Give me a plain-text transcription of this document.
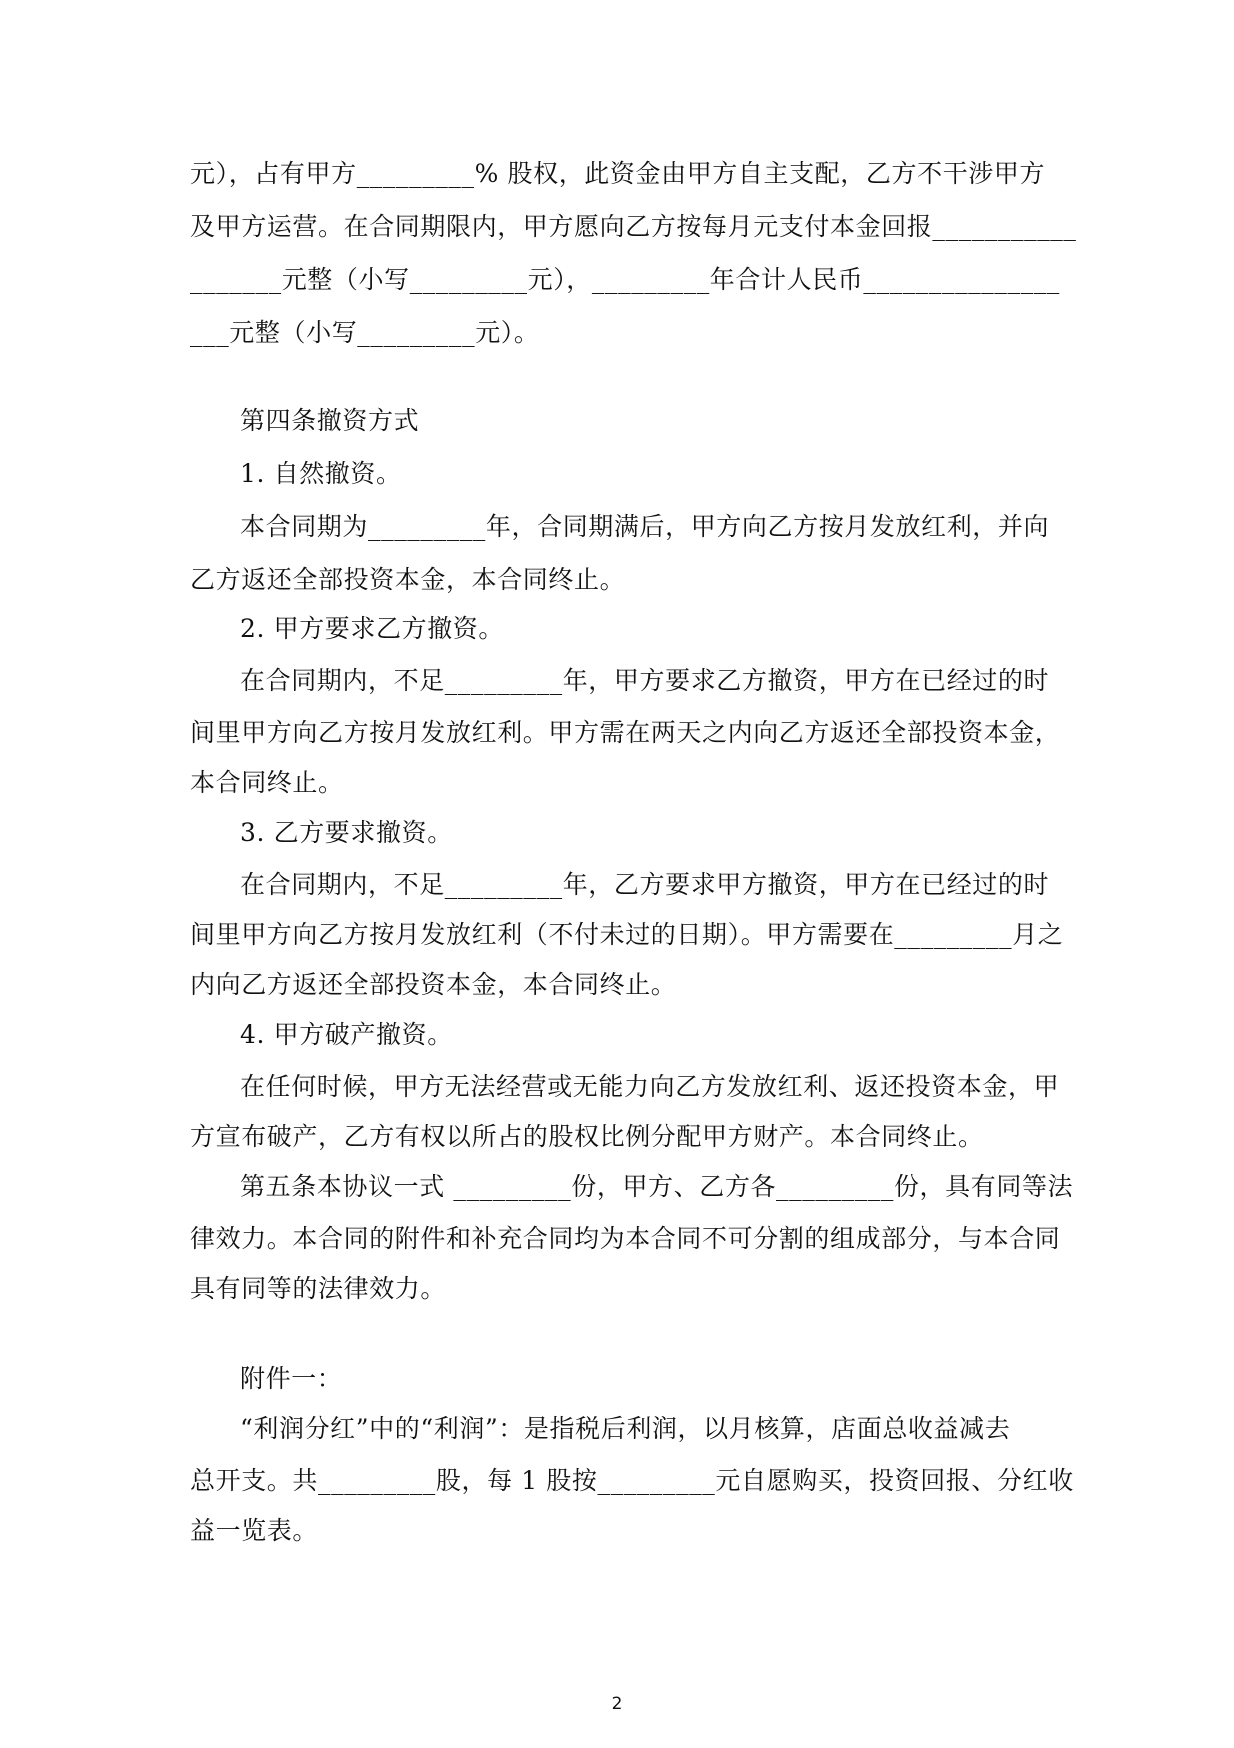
元），占有甲方_________% 股权，此资金由甲方自主支配，乙方不干涉甲方
及甲方运营。在合同期限内，甲方愿向乙方按每月元支付本金回报___________
_______元整（小写_________元），_________年合计人民币_______________
___元整（小写_________元）。
第四条撤资方式
1. 自然撤资。
本合同期为_________年，合同期满后，甲方向乙方按月发放红利，并向
乙方返还全部投资本金，本合同终止。
2. 甲方要求乙方撤资。
在合同期内，不足_________年，甲方要求乙方撤资，甲方在已经过的时
间里甲方向乙方按月发放红利。甲方需在两天之内向乙方返还全部投资本金，
本合同终止。
3. 乙方要求撤资。
在合同期内，不足_________年，乙方要求甲方撤资，甲方在已经过的时
间里甲方向乙方按月发放红利（不付未过的日期）。甲方需要在_________月之
内向乙方返还全部投资本金，本合同终止。
4. 甲方破产撤资。
在任何时候，甲方无法经营或无能力向乙方发放红利、返还投资本金，甲
方宣布破产，乙方有权以所占的股权比例分配甲方财产。本合同终止。
第五条本协议一式 _________份，甲方、乙方各_________份，具有同等法
律效力。本合同的附件和补充合同均为本合同不可分割的组成部分，与本合同
具有同等的法律效力。
附件一：
“利润分红”中的“利润”：是指税后利润，以月核算，店面总收益减去
总开支。共_________股，每 1 股按_________元自愿购买，投资回报、分红收
益一览表。
2
